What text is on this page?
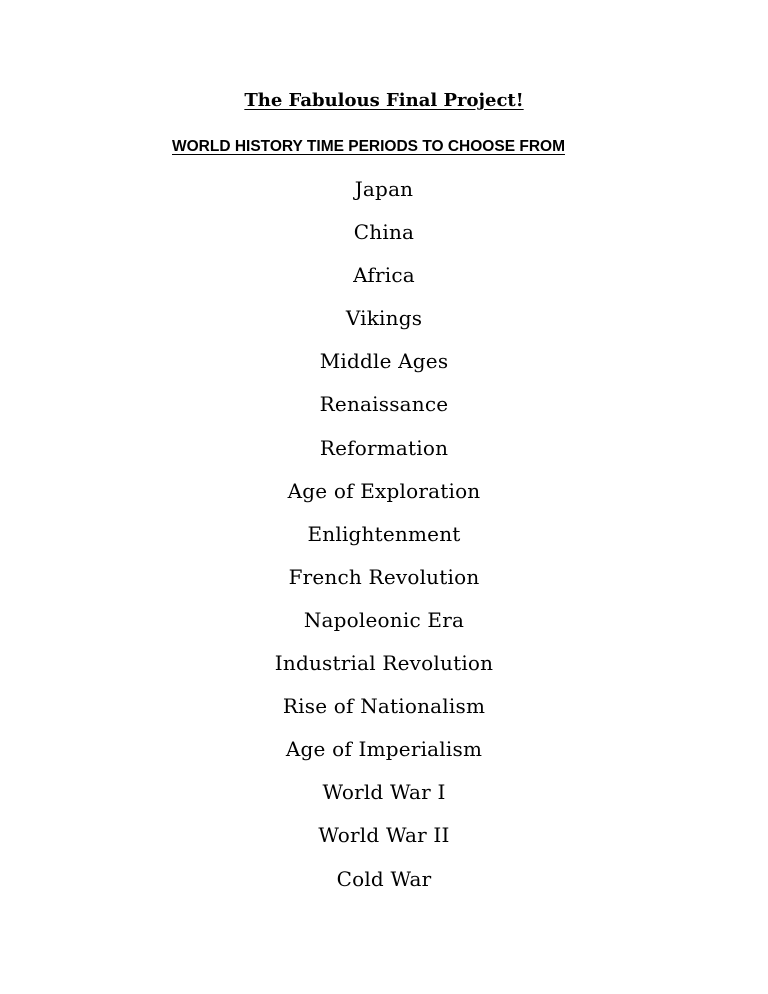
The Fabulous Final Project!
WORLD HISTORY TIME PERIODS TO CHOOSE FROM
Japan
China
Africa
Vikings
Middle Ages
Renaissance
Reformation
Age of Exploration
Enlightenment
French Revolution
Napoleonic Era
Industrial Revolution
Rise of Nationalism
Age of Imperialism
World War I
World War II
Cold War
